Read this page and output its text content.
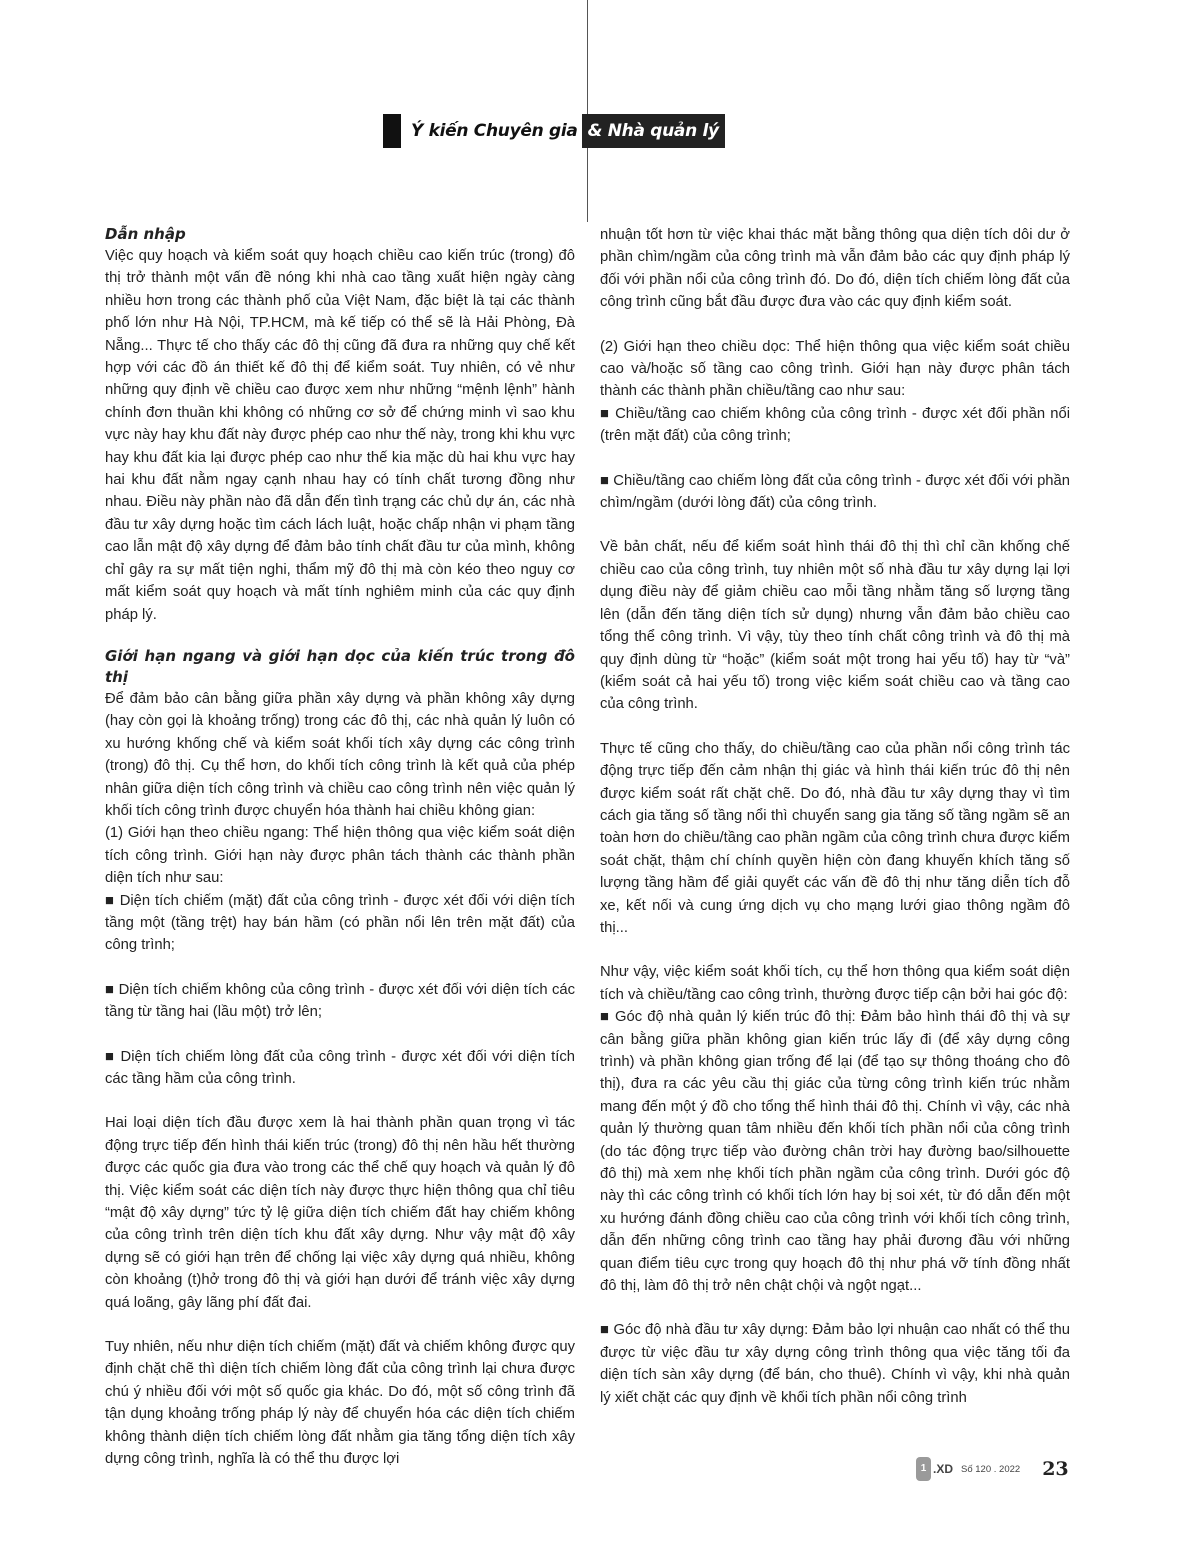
Ý kiến Chuyên gia & Nhà quản lý
Dẫn nhập

Việc quy hoạch và kiểm soát quy hoạch chiều cao kiến trúc (trong) đô thị trở thành một vấn đề nóng khi nhà cao tầng xuất hiện ngày càng nhiều hơn trong các thành phố của Việt Nam, đặc biệt là tại các thành phố lớn như Hà Nội, TP.HCM, mà kế tiếp có thể sẽ là Hải Phòng, Đà Nẵng... Thực tế cho thấy các đô thị cũng đã đưa ra những quy chế kết hợp với các đồ án thiết kế đô thị để kiểm soát. Tuy nhiên, có vẻ như những quy định về chiều cao được xem như những “mệnh lệnh” hành chính đơn thuần khi không có những cơ sở để chứng minh vì sao khu vực này hay khu đất này được phép cao như thế này, trong khi khu vực hay khu đất kia lại được phép cao như thế kia mặc dù hai khu vực hay hai khu đất nằm ngay cạnh nhau hay có tính chất tương đồng như nhau. Điều này phần nào đã dẫn đến tình trạng các chủ dự án, các nhà đầu tư xây dựng hoặc tìm cách lách luật, hoặc chấp nhận vi phạm tầng cao lẫn mật độ xây dựng để đảm bảo tính chất đầu tư của mình, không chỉ gây ra sự mất tiện nghi, thẩm mỹ đô thị mà còn kéo theo nguy cơ mất kiểm soát quy hoạch và mất tính nghiêm minh của các quy định pháp lý.

Giới hạn ngang và giới hạn dọc của kiến trúc trong đô thị

Để đảm bảo cân bằng giữa phần xây dựng và phần không xây dựng (hay còn gọi là khoảng trống) trong các đô thị, các nhà quản lý luôn có xu hướng khống chế và kiểm soát khối tích xây dựng các công trình (trong) đô thị. Cụ thể hơn, do khối tích công trình là kết quả của phép nhân giữa diện tích công trình và chiều cao công trình nên việc quản lý khối tích công trình được chuyển hóa thành hai chiều không gian:

(1) Giới hạn theo chiều ngang: Thể hiện thông qua việc kiểm soát diện tích công trình. Giới hạn này được phân tách thành các thành phần diện tích như sau:

■ Diện tích chiếm (mặt) đất của công trình - được xét đối với diện tích tầng một (tầng trệt) hay bán hầm (có phần nổi lên trên mặt đất) của công trình;

■ Diện tích chiếm không của công trình - được xét đối với diện tích các tầng từ tầng hai (lầu một) trở lên;

■ Diện tích chiếm lòng đất của công trình - được xét đối với diện tích các tầng hầm của công trình.

Hai loại diện tích đầu được xem là hai thành phần quan trọng vì tác động trực tiếp đến hình thái kiến trúc (trong) đô thị nên hầu hết thường được các quốc gia đưa vào trong các thể chế quy hoạch và quản lý đô thị. Việc kiểm soát các diện tích này được thực hiện thông qua chỉ tiêu “mật độ xây dựng” tức tỷ lệ giữa diện tích chiếm đất hay chiếm không của công trình trên diện tích khu đất xây dựng. Như vậy mật độ xây dựng sẽ có giới hạn trên để chống lại việc xây dựng quá nhiều, không còn khoảng (t)hở trong đô thị và giới hạn dưới để tránh việc xây dựng quá loãng, gây lãng phí đất đai.

Tuy nhiên, nếu như diện tích chiếm (mặt) đất và chiếm không được quy định chặt chẽ thì diện tích chiếm lòng đất của công trình lại chưa được chú ý nhiều đối với một số quốc gia khác. Do đó, một số công trình đã tận dụng khoảng trống pháp lý này để chuyển hóa các diện tích chiếm không thành diện tích chiếm lòng đất nhằm gia tăng tổng diện tích xây dựng công trình, nghĩa là có thể thu được lợi

nhuận tốt hơn từ việc khai thác mặt bằng thông qua diện tích dôi dư ở phần chìm/ngầm của công trình mà vẫn đảm bảo các quy định pháp lý đối với phần nổi của công trình đó. Do đó, diện tích chiếm lòng đất của công trình cũng bắt đầu được đưa vào các quy định kiểm soát.

(2) Giới hạn theo chiều dọc: Thể hiện thông qua việc kiểm soát chiều cao và/hoặc số tầng cao công trình. Giới hạn này được phân tách thành các thành phần chiều/tầng cao như sau:

■ Chiều/tầng cao chiếm không của công trình - được xét đối phần nổi (trên mặt đất) của công trình;

■ Chiều/tầng cao chiếm lòng đất của công trình - được xét đối với phần chìm/ngầm (dưới lòng đất) của công trình.

Về bản chất, nếu để kiểm soát hình thái đô thị thì chỉ cần khống chế chiều cao của công trình, tuy nhiên một số nhà đầu tư xây dựng lại lợi dụng điều này để giảm chiều cao mỗi tầng nhằm tăng số lượng tầng lên (dẫn đến tăng diện tích sử dụng) nhưng vẫn đảm bảo chiều cao tổng thể công trình. Vì vậy, tùy theo tính chất công trình và đô thị mà quy định dùng từ “hoặc” (kiểm soát một trong hai yếu tố) hay từ “và” (kiểm soát cả hai yếu tố) trong việc kiểm soát chiều cao và tầng cao của công trình.

Thực tế cũng cho thấy, do chiều/tầng cao của phần nổi công trình tác động trực tiếp đến cảm nhận thị giác và hình thái kiến trúc đô thị nên được kiểm soát rất chặt chẽ. Do đó, nhà đầu tư xây dựng thay vì tìm cách gia tăng số tầng nổi thì chuyển sang gia tăng số tầng ngầm sẽ an toàn hơn do chiều/tầng cao phần ngầm của công trình chưa được kiểm soát chặt, thậm chí chính quyền hiện còn đang khuyến khích tăng số lượng tầng hầm để giải quyết các vấn đề đô thị như tăng diễn tích đỗ xe, kết nối và cung ứng dịch vụ cho mạng lưới giao thông ngầm đô thị...

Như vậy, việc kiểm soát khối tích, cụ thể hơn thông qua kiểm soát diện tích và chiều/tầng cao công trình, thường được tiếp cận bởi hai góc độ:

■ Góc độ nhà quản lý kiến trúc đô thị: Đảm bảo hình thái đô thị và sự cân bằng giữa phần không gian kiến trúc lấy đi (để xây dựng công trình) và phần không gian trống để lại (để tạo sự thông thoáng cho đô thị), đưa ra các yêu cầu thị giác của từng công trình kiến trúc nhằm mang đến một ý đồ cho tổng thể hình thái đô thị. Chính vì vậy, các nhà quản lý thường quan tâm nhiều đến khối tích phần nổi của công trình (do tác động trực tiếp vào đường chân trời hay đường bao/silhouette đô thị) mà xem nhẹ khối tích phần ngầm của công trình. Dưới góc độ này thì các công trình có khối tích lớn hay bị soi xét, từ đó dẫn đến một xu hướng đánh đồng chiều cao của công trình với khối tích công trình, dẫn đến những công trình cao tầng hay phải đương đầu với những quan điểm tiêu cực trong quy hoạch đô thị như phá vỡ tính đồng nhất đô thị, làm đô thị trở nên chật chội và ngột ngạt...

■ Góc độ nhà đầu tư xây dựng: Đảm bảo lợi nhuận cao nhất có thể thu được từ việc đầu tư xây dựng công trình thông qua việc tăng tối đa diện tích sàn xây dựng (để bán, cho thuê). Chính vì vậy, khi nhà quản lý xiết chặt các quy định về khối tích phần nổi công trình

1 .XD Số 120 . 2022 23
